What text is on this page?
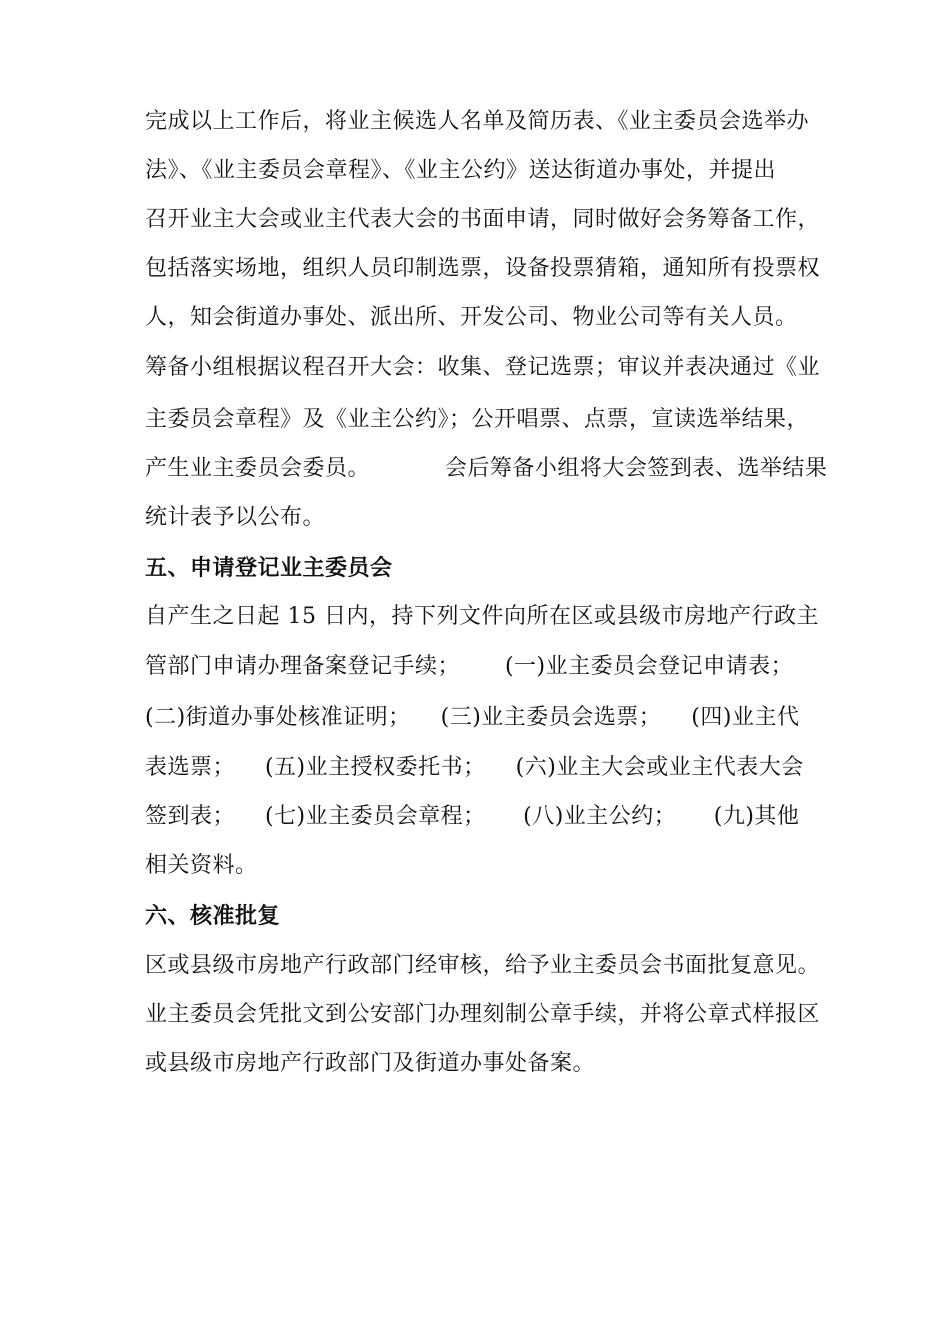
完成以上工作后，将业主候选人名单及简历表、《业主委员会选举办
法》、《业主委员会章程》、《业主公约》送达街道办事处，并提出
召开业主大会或业主代表大会的书面申请，同时做好会务筹备工作，
包括落实场地，组织人员印制选票，设备投票猜箱，通知所有投票权
人，知会街道办事处、派出所、开发公司、物业公司等有关人员。
筹备小组根据议程召开大会：收集、登记选票；审议并表决通过《业
主委员会章程》及《业主公约》；公开唱票、点票，宣读选举结果，
产生业主委员会委员。          会后筹备小组将大会签到表、选举结果
统计表予以公布。
五、申请登记业主委员会
自产生之日起 15 日内，持下列文件向所在区或县级市房地产行政主
管部门申请办理备案登记手续；      (一)业主委员会登记申请表；
(二)街道办事处核准证明；    (三)业主委员会选票；    (四)业主代
表选票；    (五)业主授权委托书；    (六)业主大会或业主代表大会
签到表；    (七)业主委员会章程；     (八)业主公约；     (九)其他
相关资料。
六、核准批复
区或县级市房地产行政部门经审核，给予业主委员会书面批复意见。
业主委员会凭批文到公安部门办理刻制公章手续，并将公章式样报区
或县级市房地产行政部门及街道办事处备案。
